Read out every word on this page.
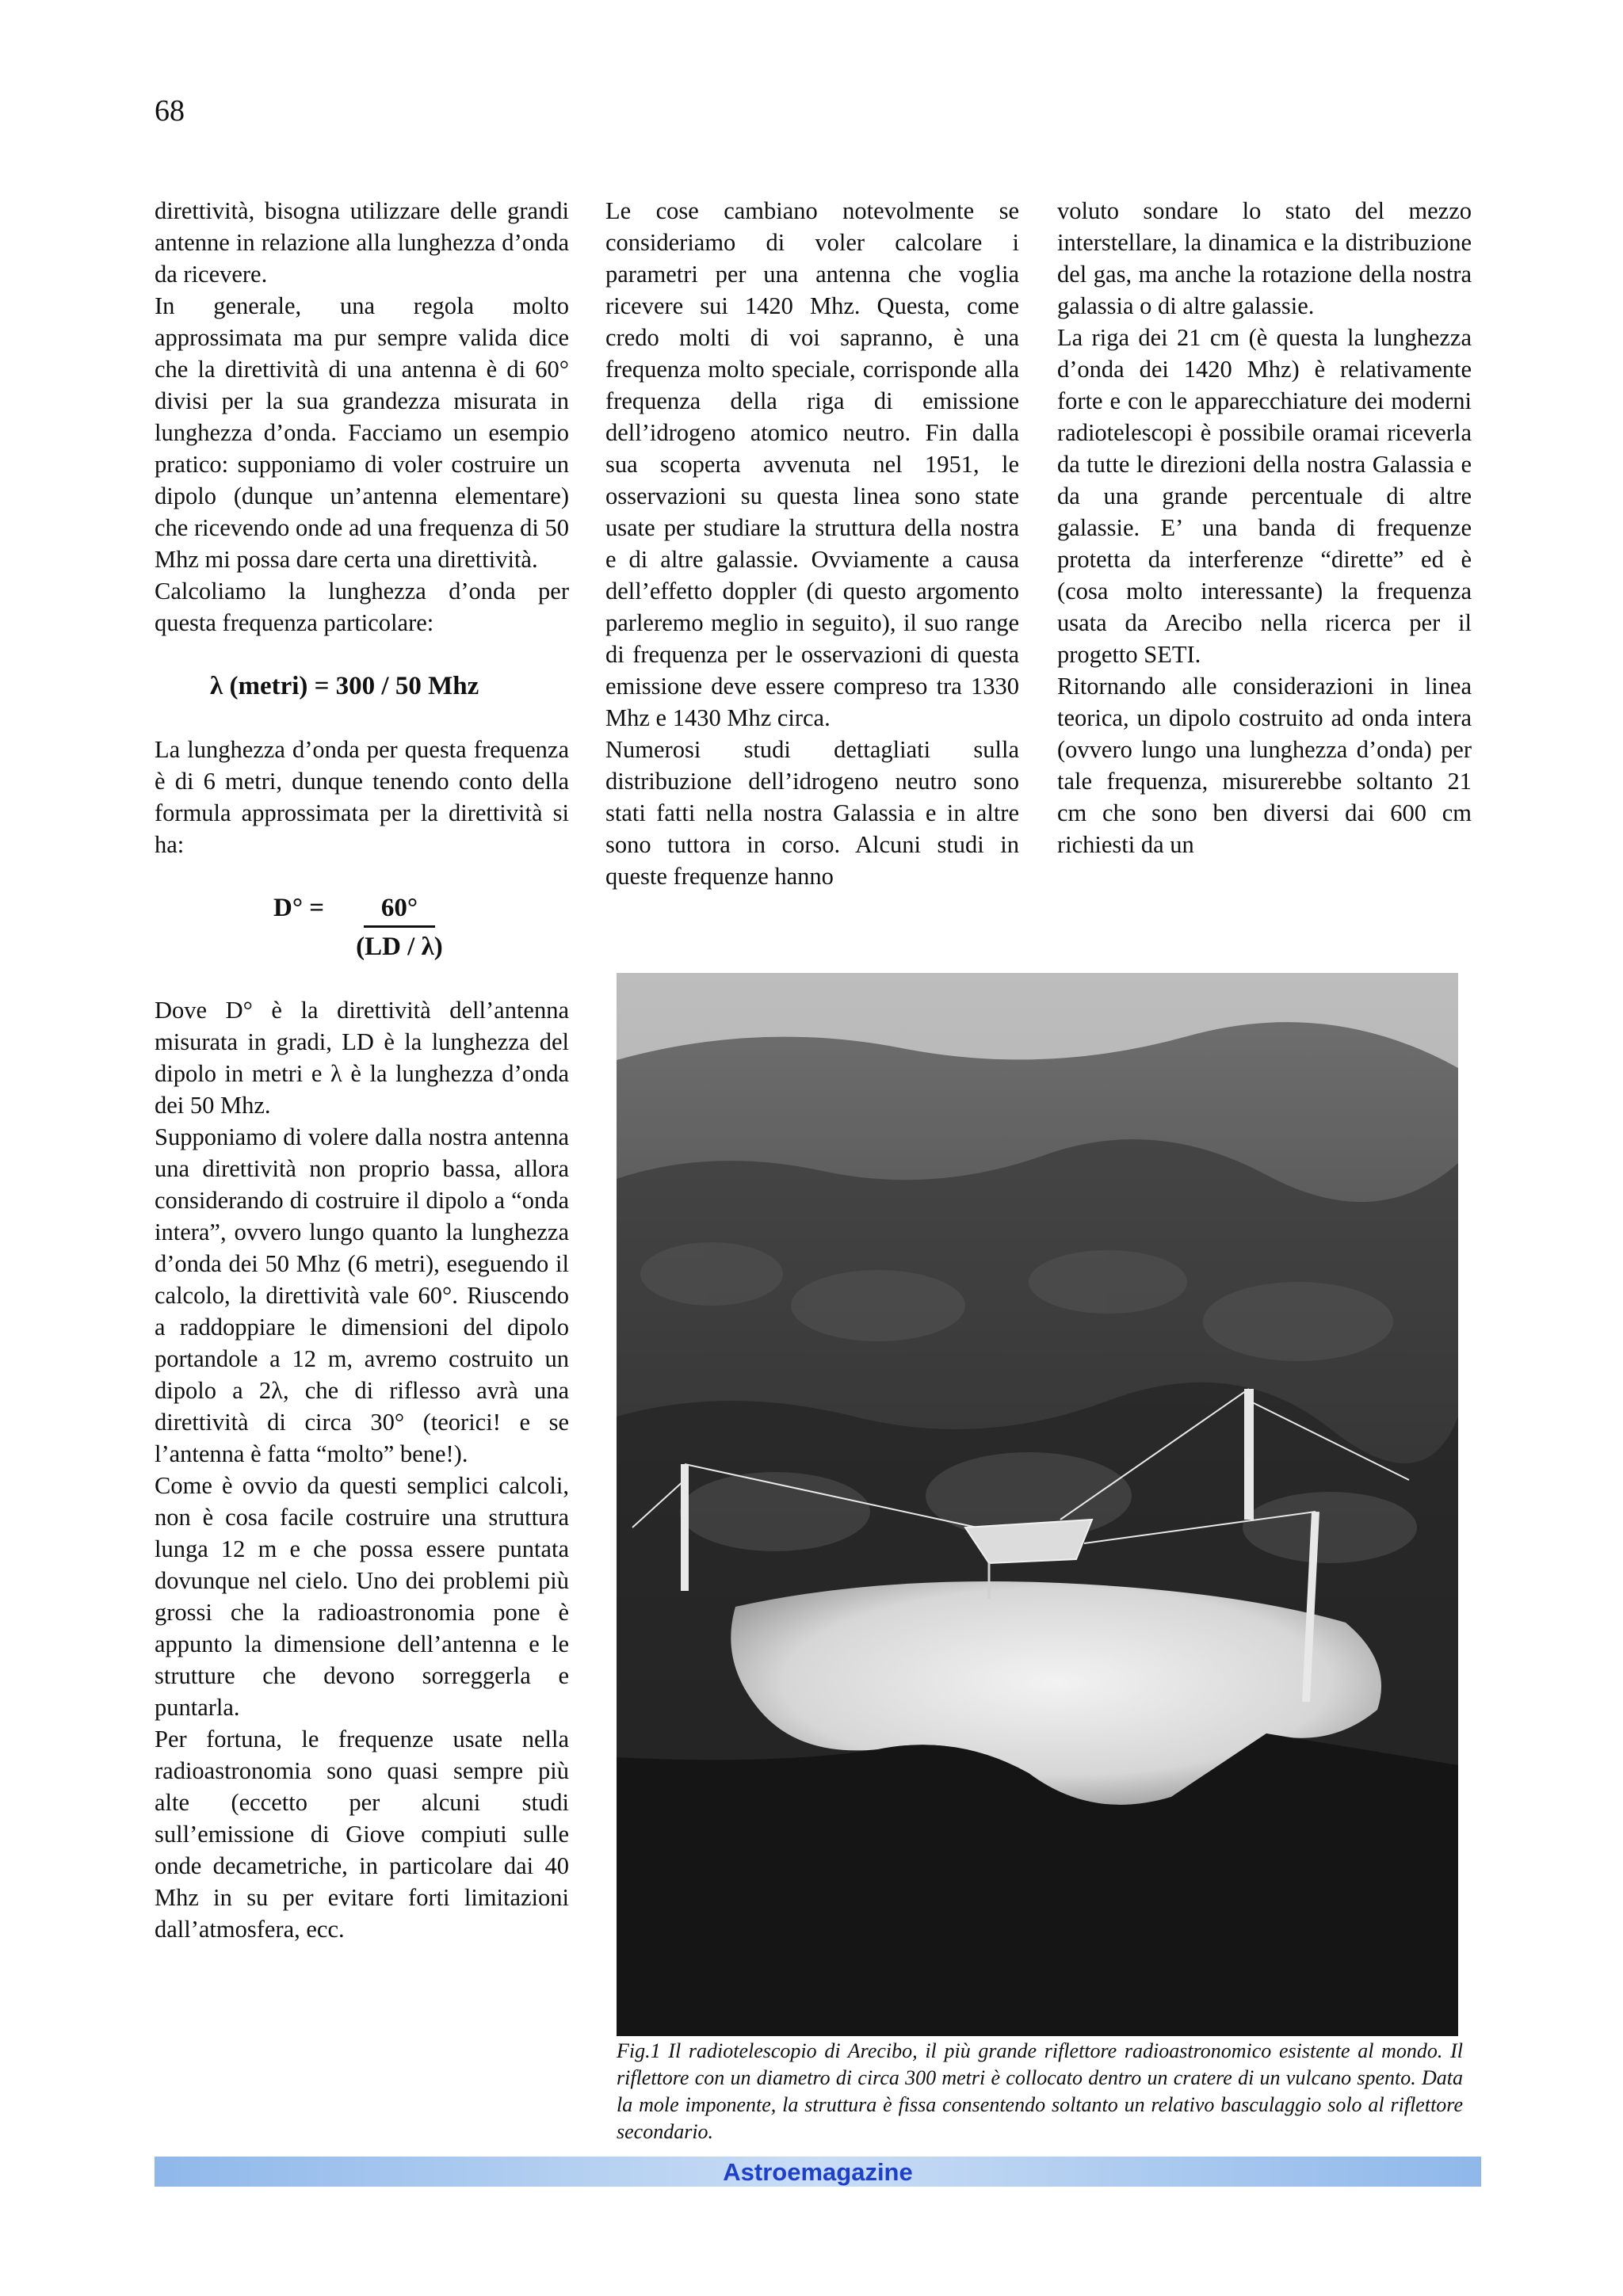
68

direttività, bisogna utilizzare delle grandi antenne in relazione alla lunghezza d’onda da ricevere.

In generale, una regola molto approssimata ma pur sempre valida dice che la direttività di una antenna è di 60° divisi per la sua grandezza misurata in lunghezza d’onda. Facciamo un esempio pratico: supponiamo di voler costruire un dipolo (dunque un’antenna elementare) che ricevendo onde ad una frequenza di 50 Mhz mi possa dare certa una direttività.

Calcoliamo la lunghezza d’onda per questa frequenza particolare:

λ (metri) = 300 / 50 Mhz

La lunghezza d’onda per questa frequenza è di 6 metri, dunque tenendo conto della formula approssimata per la direttività si ha:

$D^\circ = \frac{60^\circ}{(LD / \lambda)}$

Dove D° è la direttività dell’antenna misurata in gradi, LD è la lunghezza del dipolo in metri e λ è la lunghezza d’onda dei 50 Mhz.

Supponiamo di volere dalla nostra antenna una direttività non proprio bassa, allora considerando di costruire il dipolo a “onda intera”, ovvero lungo quanto la lunghezza d’onda dei 50 Mhz (6 metri), eseguendo il calcolo, la direttività vale 60°. Riuscendo a raddoppiare le dimensioni del dipolo portandole a 12 m, avremo costruito un dipolo a 2λ, che di riflesso avrà una direttività di circa 30° (teorici! e se l’antenna è fatta “molto” bene!).

Come è ovvio da questi semplici calcoli, non è cosa facile costruire una struttura lunga 12 m e che possa essere puntata dovunque nel cielo. Uno dei problemi più grossi che la radioastronomia pone è appunto la dimensione dell’antenna e le strutture che devono sorreggerla e puntarla.

Per fortuna, le frequenze usate nella radioastronomia sono quasi sempre più alte (eccetto per alcuni studi sull’emissione di Giove compiuti sulle onde decametriche, in particolare dai 40 Mhz in su per evitare forti limitazioni dall’atmosfera, ecc.

Le cose cambiano notevolmente se consideriamo di voler calcolare i parametri per una antenna che voglia ricevere sui 1420 Mhz. Questa, come credo molti di voi sapranno, è una frequenza molto speciale, corrisponde alla frequenza della riga di emissione dell’idrogeno atomico neutro. Fin dalla sua scoperta avvenuta nel 1951, le osservazioni su questa linea sono state usate per studiare la struttura della nostra e di altre galassie. Ovviamente a causa dell’effetto doppler (di questo argomento parleremo meglio in seguito), il suo range di frequenza per le osservazioni di questa emissione deve essere compreso tra 1330 Mhz e 1430 Mhz circa.

Numerosi studi dettagliati sulla distribuzione dell’idrogeno neutro sono stati fatti nella nostra Galassia e in altre sono tuttora in corso. Alcuni studi in queste frequenze hanno

voluto sondare lo stato del mezzo interstellare, la dinamica e la distribuzione del gas, ma anche la rotazione della nostra galassia o di altre galassie.

La riga dei 21 cm (è questa la lunghezza d’onda dei 1420 Mhz) è relativamente forte e con le apparecchiature dei moderni radiotelescopi è possibile oramai riceverla da tutte le direzioni della nostra Galassia e da una grande percentuale di altre galassie. E’ una banda di frequenze protetta da interferenze “dirette” ed è (cosa molto interessante) la frequenza usata da Arecibo nella ricerca per il progetto SETI.

Ritornando alle considerazioni in linea teorica, un dipolo costruito ad onda intera (ovvero lungo una lunghezza d’onda) per tale frequenza, misurerebbe soltanto 21 cm che sono ben diversi dai 600 cm richiesti da un

Fig.1 Il radiotelescopio di Arecibo, il più grande riflettore radioastronomico esistente al mondo. Il riflettore con un diametro di circa 300 metri è collocato dentro un cratere di un vulcano spento. Data la mole imponente, la struttura è fissa consentendo soltanto un relativo basculaggio solo al riflettore secondario.
Astroemagazine
